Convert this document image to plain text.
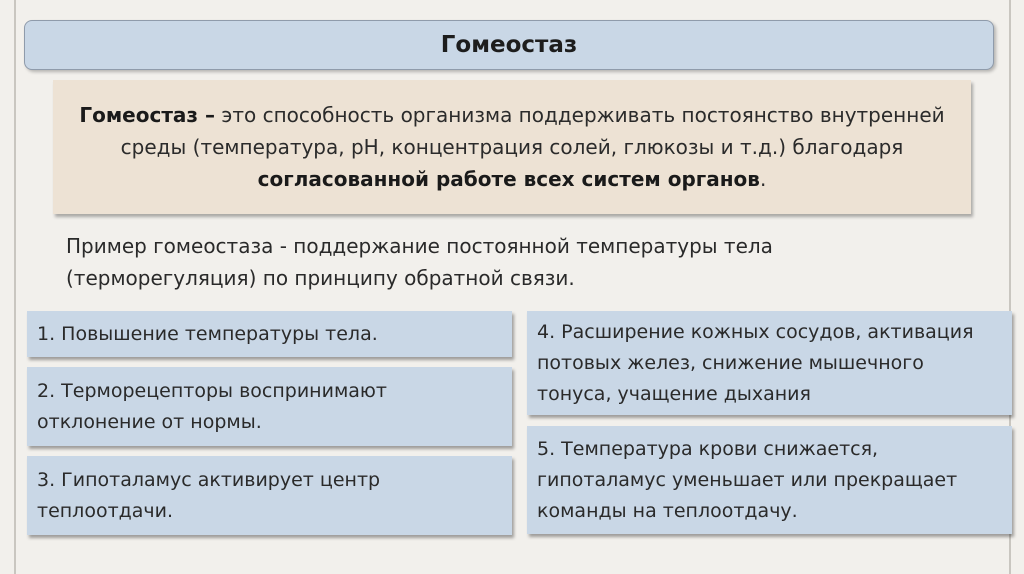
Гомеостаз
Гомеостаз – это способность организма поддерживать постоянство внутренней среды (температура, pH, концентрация солей, глюкозы и т.д.) благодаря согласованной работе всех систем органов.
Пример гомеостаза - поддержание постоянной температуры тела (терморегуляция) по принципу обратной связи.
1. Повышение температуры тела.
2. Терморецепторы воспринимают отклонение от нормы.
3. Гипоталамус активирует центр теплоотдачи.
4. Расширение кожных сосудов, активация потовых желез, снижение мышечного тонуса, учащение дыхания
5. Температура крови снижается, гипоталамус уменьшает или прекращает команды на теплоотдачу.
